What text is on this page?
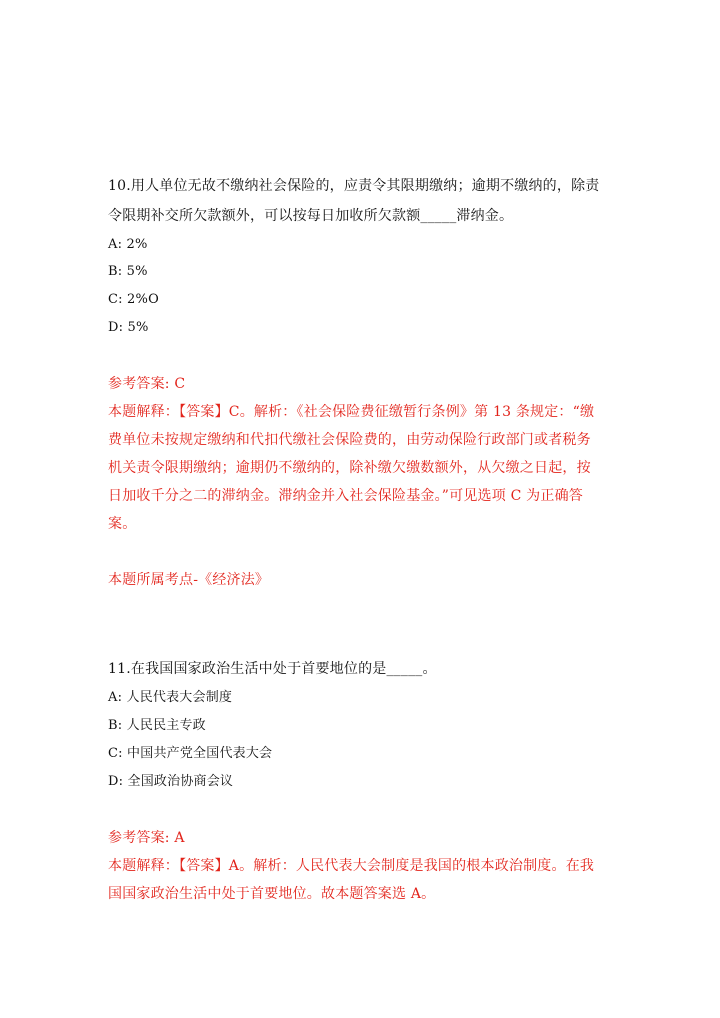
10.用人单位无故不缴纳社会保险的，应责令其限期缴纳；逾期不缴纳的，除责
令限期补交所欠款额外，可以按每日加收所欠款额_____滞纳金。
A: 2%
B: 5%
C: 2%O
D: 5%
参考答案: C
本题解释：【答案】C。解析：《社会保险费征缴暂行条例》第 13 条规定：“缴
费单位未按规定缴纳和代扣代缴社会保险费的，由劳动保险行政部门或者税务
机关责令限期缴纳；逾期仍不缴纳的，除补缴欠缴数额外，从欠缴之日起，按
日加收千分之二的滞纳金。滞纳金并入社会保险基金。”可见选项 C 为正确答
案。
本题所属考点-《经济法》
11.在我国国家政治生活中处于首要地位的是_____。
A: 人民代表大会制度
B: 人民民主专政
C: 中国共产党全国代表大会
D: 全国政治协商会议
参考答案: A
本题解释：【答案】A。解析：人民代表大会制度是我国的根本政治制度。在我
国国家政治生活中处于首要地位。故本题答案选 A。
